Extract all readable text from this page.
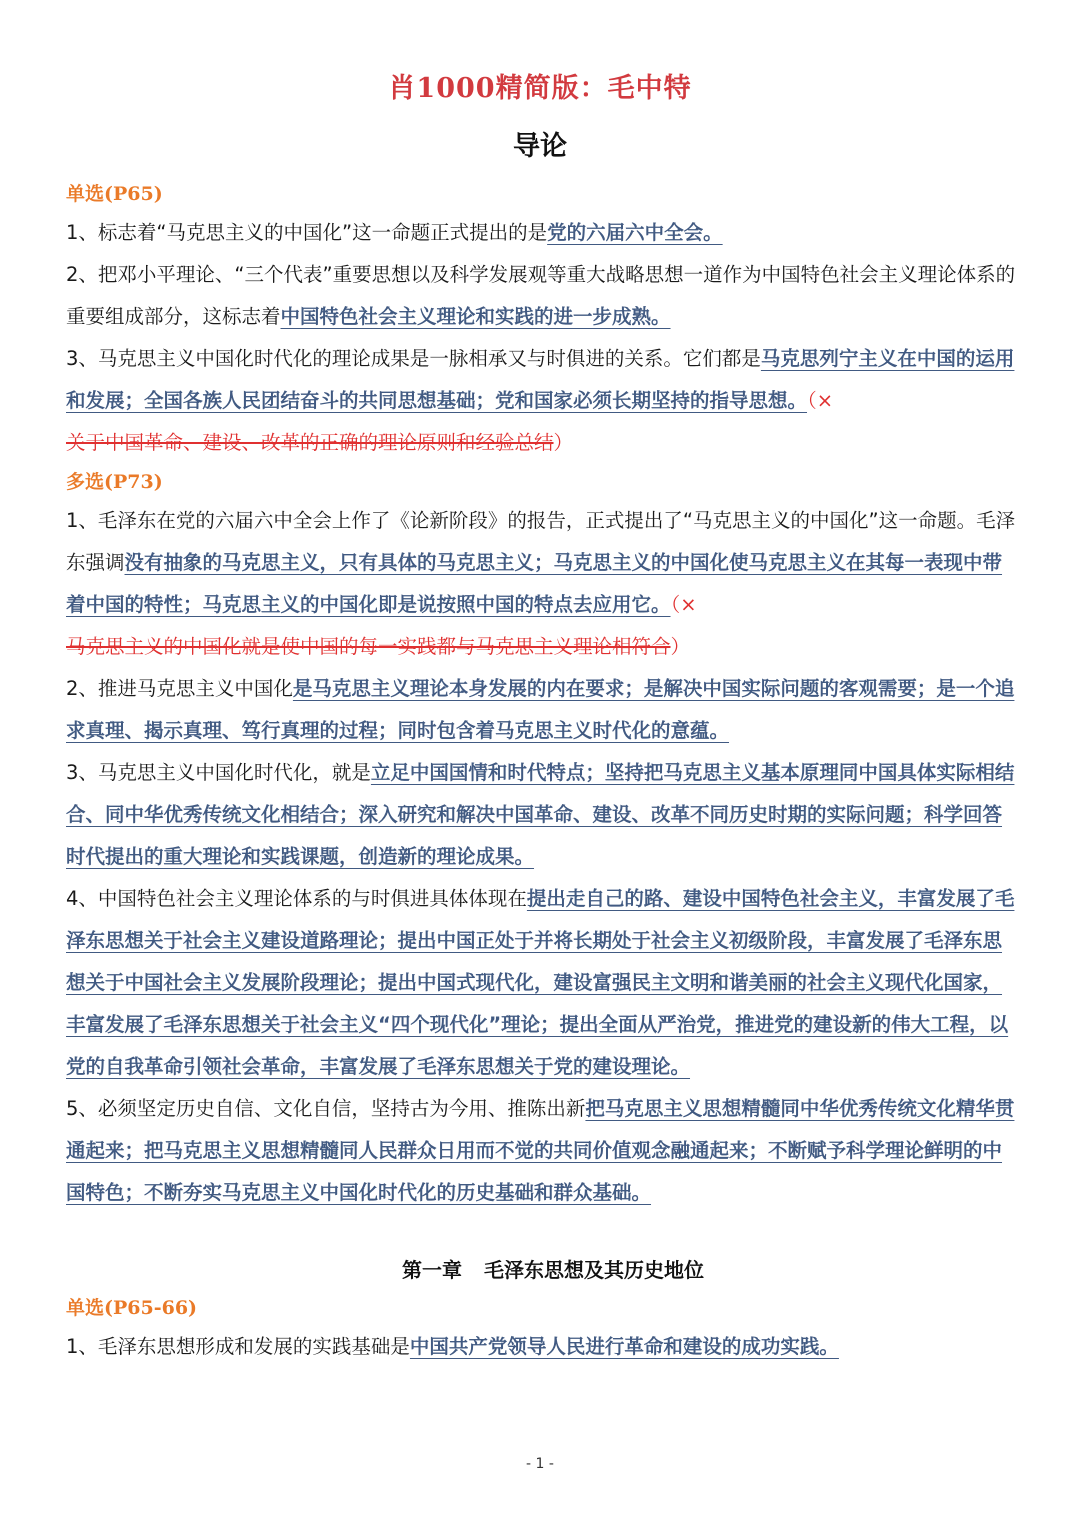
肖1000精简版：毛中特
导论
单选(P65)

1、标志着“马克思主义的中国化”这一命题正式提出的是党的六届六中全会。

2、把邓小平理论、“三个代表”重要思想以及科学发展观等重大战略思想一道作为中国特色社会主义理论体系的重要组成部分，这标志着中国特色社会主义理论和实践的进一步成熟。

3、马克思主义中国化时代化的理论成果是一脉相承又与时俱进的关系。它们都是马克思列宁主义在中国的运用和发展；全国各族人民团结奋斗的共同思想基础；党和国家必须长期坚持的指导思想。（×
关于中国革命、建设、改革的正确的理论原则和经验总结）

多选(P73)

1、毛泽东在党的六届六中全会上作了《论新阶段》的报告，正式提出了“马克思主义的中国化”这一命题。毛泽东强调没有抽象的马克思主义，只有具体的马克思主义；马克思主义的中国化使马克思主义在其每一表现中带着中国的特性；马克思主义的中国化即是说按照中国的特点去应用它。（×
马克思主义的中国化就是使中国的每一实践都与马克思主义理论相符合）

2、推进马克思主义中国化是马克思主义理论本身发展的内在要求；是解决中国实际问题的客观需要；是一个追求真理、揭示真理、笃行真理的过程；同时包含着马克思主义时代化的意蕴。

3、马克思主义中国化时代化，就是立足中国国情和时代特点；坚持把马克思主义基本原理同中国具体实际相结合、同中华优秀传统文化相结合；深入研究和解决中国革命、建设、改革不同历史时期的实际问题；科学回答时代提出的重大理论和实践课题，创造新的理论成果。

4、中国特色社会主义理论体系的与时俱进具体体现在提出走自己的路、建设中国特色社会主义，丰富发展了毛泽东思想关于社会主义建设道路理论；提出中国正处于并将长期处于社会主义初级阶段，丰富发展了毛泽东思想关于中国社会主义发展阶段理论；提出中国式现代化，建设富强民主文明和谐美丽的社会主义现代化国家，丰富发展了毛泽东思想关于社会主义“四个现代化”理论；提出全面从严治党，推进党的建设新的伟大工程，以党的自我革命引领社会革命，丰富发展了毛泽东思想关于党的建设理论。

5、必须坚定历史自信、文化自信，坚持古为今用、推陈出新把马克思主义思想精髓同中华优秀传统文化精华贯通起来；把马克思主义思想精髓同人民群众日用而不觉的共同价值观念融通起来；不断赋予科学理论鲜明的中国特色；不断夯实马克思主义中国化时代化的历史基础和群众基础。

第一章 毛泽东思想及其历史地位
单选(P65-66)

1、毛泽东思想形成和发展的实践基础是中国共产党领导人民进行革命和建设的成功实践。

- 1 -
